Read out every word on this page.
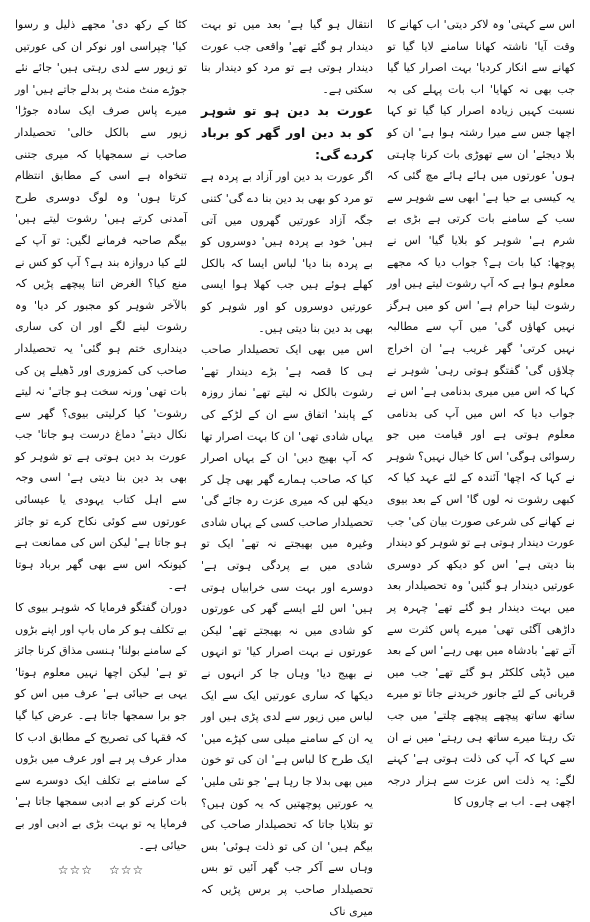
اس سے کہتی' وہ لاکر دیتی' اب کھانے کا وقت آیا' ناشتہ کھانا سامنے لایا گیا تو کھانے سے انکار کردیا' بہت اصرار کیا گیا جب بھی نہ کھایا' اب بات پہلے کی بہ نسبت کہیں زیادہ اصرار کیا گیا تو کہا اچھا جس سے میرا رشتہ ہوا ہے' ان کو بلا دیجئے' ان سے تھوڑی بات کرنا چاہتی ہوں' عورتوں میں ہائے ہائے مچ گئی کہ یہ کیسی بے حیا ہے' ابھی سے شوہر سے سب کے سامنے بات کرتی ہے بڑی بے شرم ہے' شوہر کو بلایا گیا' اس نے پوچھا: کیا بات ہے؟ جواب دیا کہ مجھے معلوم ہوا ہے کہ آپ رشوت لیتے ہیں اور رشوت لینا حرام ہے' اس کو میں ہرگز نہیں کھاؤں گی' میں آپ سے مطالبہ نہیں کرتی' گھر غریب ہے' ان اخراج چلاؤں گی' گفتگو ہوتی رہی' شوہر نے کہا کہ اس میں میری بدنامی ہے' اس نے جواب دیا کہ اس میں آپ کی بدنامی معلوم ہوتی ہے اور قیامت میں جو رسوائی ہوگی' اس کا خیال نہیں؟ شوہر نے کہا کہ اچھا' آئندہ کے لئے عہد کیا کہ کبھی رشوت نہ لوں گا' اس کے بعد بیوی نے کھانے کی شرعی صورت بیان کی' جب عورت دیندار ہوتی ہے تو شوہر کو دیندار بنا دیتی ہے' اس کو دیکھ کر دوسری عورتیں دیندار ہو گئیں' وہ تحصیلدار بعد میں بہت دیندار ہو گئے تھے' چہرہ پر داڑھی آگئی تھی' میرے پاس کثرت سے آتے تھے' بادشاہ میں بھی رہے' اس کے بعد میں ڈپٹی کلکٹر ہو گئے تھے' جب میں قربانی کے لئے جانور خریدنے جاتا تو میرے ساتھ ساتھ پیچھے پیچھے چلتے' میں جب تک رہتا میرے ساتھ ہی رہتے' میں نے ان سے کہا کہ آپ کی ذلت ہوتی ہے' کہنے لگے: یہ ذلت اس عزت سے ہزار درجہ اچھی ہے۔ اب بے چاروں کا

انتقال ہو گیا ہے' بعد میں تو بہت دیندار ہو گئے تھے' واقعی جب عورت دیندار ہوتی ہے تو مرد کو دیندار بنا سکتی ہے۔

عورت بد دین ہو تو شوہر کو بد دین اور گھر کو برباد کردے گی:

اگر عورت بد دین اور آزاد بے پردہ ہے تو مرد کو بھی بد دین بنا دے گی' کتنی جگہ آزاد عورتیں گھروں میں آتی ہیں' خود بے پردہ ہیں' دوسروں کو بے پردہ بنا دیا' لباس ایسا کہ بالکل کھلے ہوئے ہیں جب کھلا ہوا ایسی عورتیں دوسروں کو اور شوہر کو بھی بد دین بنا دیتی ہیں۔

اس میں بھی ایک تحصیلدار صاحب ہی کا قصہ ہے' بڑے دیندار تھے' رشوت بالکل نہ لیتے تھے' نماز روزہ کے پابند' اتفاق سے ان کے لڑکے کی یہاں شادی تھی' ان کا بہت اصرار تھا کہ آپ بھیج دیں' ان کے یہاں اصرار کیا کہ صاحب ہمارے گھر بھی چل کر دیکھ لیں کہ میری عزت رہ جائے گی' تحصیلدار صاحب کسی کے یہاں شادی وغیرہ میں بھیجتے نہ تھے' ایک تو شادی میں بے پردگی ہوتی ہے' دوسرے اور بہت سی خرابیاں ہوتی ہیں' اس لئے ایسے گھر کی عورتوں کو شادی میں نہ بھیجتے تھے' لیکن عورتوں نے بہت اصرار کیا' تو انہوں نے بھیج دیا' وہاں جا کر انہوں نے دیکھا کہ ساری عورتیں ایک سے ایک لباس میں زیور سے لدی پڑی ہیں اور یہ ان کے سامنے میلی سی کپڑے میں' ایک طرح کا لباس ہے' ان کی تو خون میں بھی بدلا جا رہا ہے' جو نئی ملیں' یہ عورتیں پوچھتیں کہ یہ کون ہیں؟ تو بتلایا جاتا کہ تحصیلدار صاحب کی بیگم ہیں' ان کی تو ذلت ہوئی' بس وہاں سے آکر جب گھر آئیں تو بس تحصیلدار صاحب پر برس پڑیں کہ میری ناک

کٹا کے رکھ دی' مجھے ذلیل و رسوا کیا' چپراسی اور نوکر ان کی عورتیں تو زیور سے لدی رہتی ہیں' جائے نئے جوڑے منٹ منٹ پر بدلے جاتے ہیں' اور میرے پاس صرف ایک سادہ جوڑا' زیور سے بالکل خالی' تحصیلدار صاحب نے سمجھایا کہ میری جتنی تنخواہ ہے اسی کے مطابق انتظام کرتا ہوں' وہ لوگ دوسری طرح آمدنی کرتے ہیں' رشوت لیتے ہیں' بیگم صاحبہ فرمانے لگیں: تو آپ کے لئے کیا دروازہ بند ہے؟ آپ کو کس نے منع کیا؟ الغرض اتنا پیچھے پڑیں کہ بالآخر شوہر کو مجبور کر دیا' وہ رشوت لینے لگے اور ان کی ساری دینداری ختم ہو گئی' یہ تحصیلدار صاحب کی کمزوری اور ڈھیلے پن کی بات تھی' ورنہ سخت ہو جاتے' نہ لیتے رشوت' کیا کرلیتی بیوی؟ گھر سے نکال دیتے' دماغ درست ہو جاتا' جب عورت بد دین ہوتی ہے تو شوہر کو بھی بد دین بنا دیتی ہے' اسی وجہ سے اہل کتاب یہودی یا عیسائی عورتوں سے کوئی نکاح کرے تو جائز ہو جاتا ہے' لیکن اس کی ممانعت ہے کیونکہ اس سے بھی گھر برباد ہوتا ہے۔

دوران گفتگو فرمایا کہ شوہر بیوی کا بے تکلف ہو کر ماں باپ اور اپنے بڑوں کے سامنے بولنا' ہنسی مذاق کرنا جائز تو ہے' لیکن اچھا نہیں معلوم ہوتا' یہی بے حیائی ہے' عرف میں اس کو جو برا سمجھا جاتا ہے۔ عرض کیا گیا کہ فقہا کی تصریح کے مطابق ادب کا مدار عرف پر ہے اور عرف میں بڑوں کے سامنے بے تکلف ایک دوسرے سے بات کرنے کو بے ادبی سمجھا جاتا ہے' فرمایا یہ تو بہت بڑی بے ادبی اور بے حیائی ہے۔

☆☆☆
☆☆☆
